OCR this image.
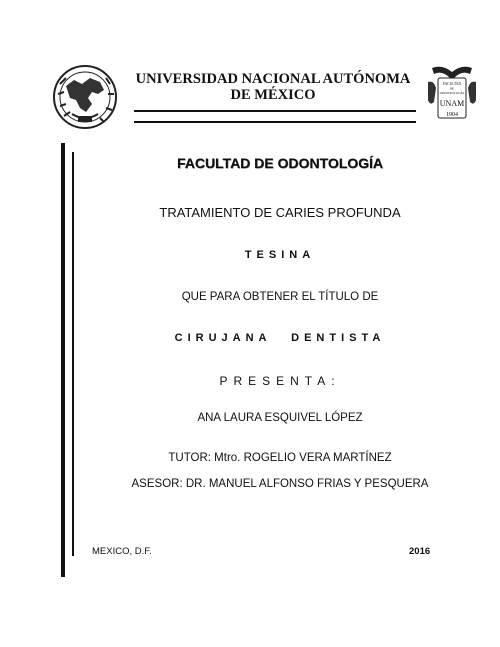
UNIVERSIDAD NACIONAL AUTÓNOMA DE MÉXICO
FACULTAD
DE
ODONTOLOGÍA
UNAM
1904
FACULTAD DE ODONTOLOGÍA
TRATAMIENTO DE CARIES PROFUNDA
TESINA
QUE PARA OBTENER EL TÍTULO DE
CIRUJANA DENTISTA
PRESENTA:
ANA LAURA ESQUIVEL LÓPEZ
TUTOR: Mtro. ROGELIO VERA MARTÍNEZ
ASESOR: DR. MANUEL ALFONSO FRIAS Y PESQUERA
MEXICO, D.F.	2016
